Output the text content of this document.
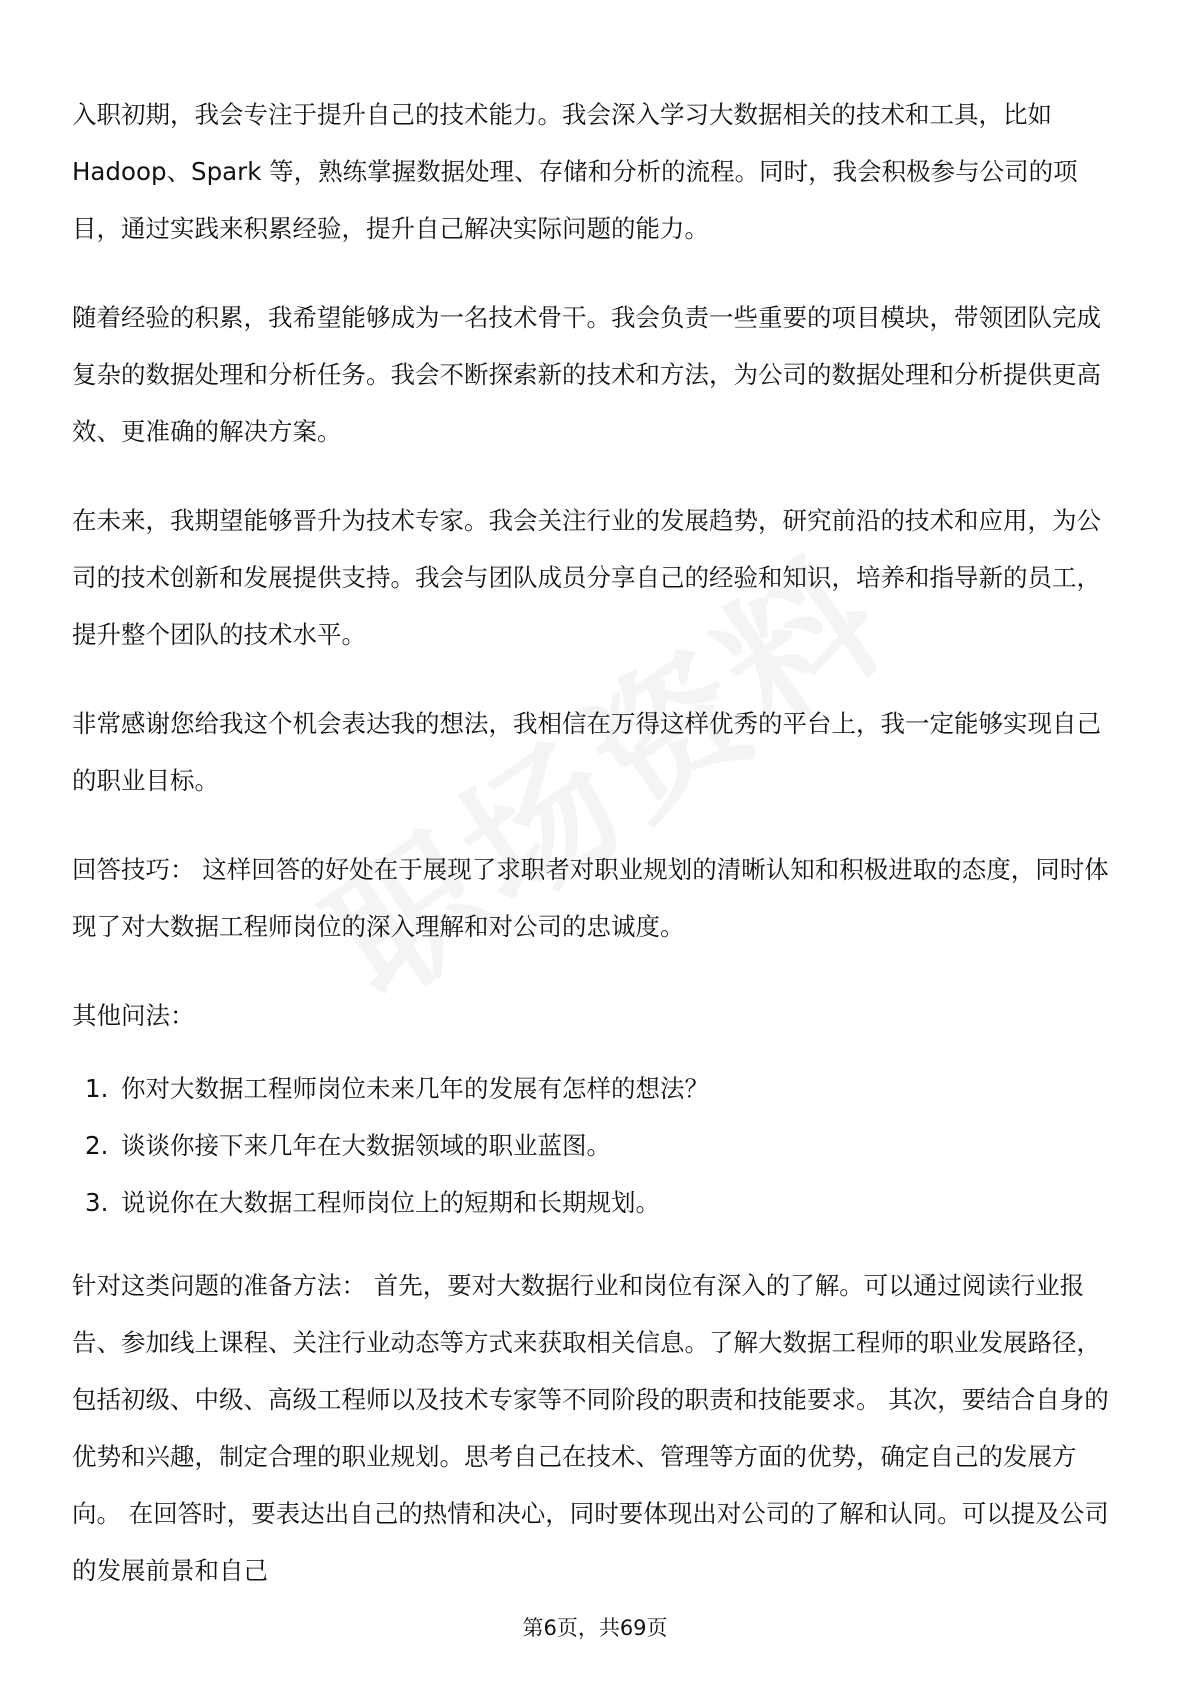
入职初期，我会专注于提升自己的技术能力。我会深入学习大数据相关的技术和工具，比如 Hadoop、Spark 等，熟练掌握数据处理、存储和分析的流程。同时，我会积极参与公司的项目，通过实践来积累经验，提升自己解决实际问题的能力。

随着经验的积累，我希望能够成为一名技术骨干。我会负责一些重要的项目模块，带领团队完成复杂的数据处理和分析任务。我会不断探索新的技术和方法，为公司的数据处理和分析提供更高效、更准确的解决方案。

在未来，我期望能够晋升为技术专家。我会关注行业的发展趋势，研究前沿的技术和应用，为公司的技术创新和发展提供支持。我会与团队成员分享自己的经验和知识，培养和指导新的员工，提升整个团队的技术水平。

非常感谢您给我这个机会表达我的想法，我相信在万得这样优秀的平台上，我一定能够实现自己的职业目标。

回答技巧： 这样回答的好处在于展现了求职者对职业规划的清晰认知和积极进取的态度，同时体现了对大数据工程师岗位的深入理解和对公司的忠诚度。

其他问法：

1. 你对大数据工程师岗位未来几年的发展有怎样的想法？
2. 谈谈你接下来几年在大数据领域的职业蓝图。
3. 说说你在大数据工程师岗位上的短期和长期规划。

针对这类问题的准备方法： 首先，要对大数据行业和岗位有深入的了解。可以通过阅读行业报告、参加线上课程、关注行业动态等方式来获取相关信息。了解大数据工程师的职业发展路径，包括初级、中级、高级工程师以及技术专家等不同阶段的职责和技能要求。 其次，要结合自身的优势和兴趣，制定合理的职业规划。思考自己在技术、管理等方面的优势，确定自己的发展方向。 在回答时，要表达出自己的热情和决心，同时要体现出对公司的了解和认同。可以提及公司的发展前景和自己

第6页，共69页
